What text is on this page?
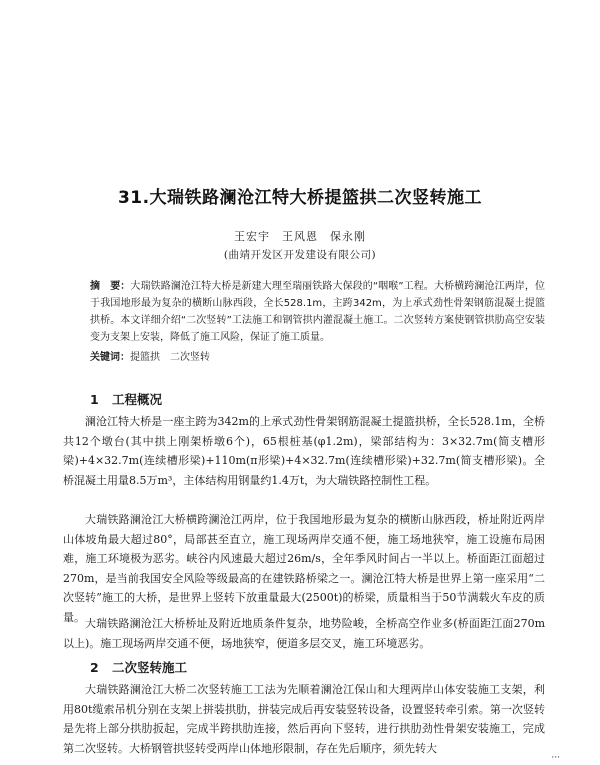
31.大瑞铁路澜沧江特大桥提篮拱二次竖转施工
王宏宇　王风恩　保永刚
(曲靖开发区开发建设有限公司)
摘　要：大瑞铁路澜沧江特大桥是新建大理至瑞丽铁路大保段的“咽喉”工程。大桥横跨澜沧江两岸，位于我国地形最为复杂的横断山脉西段，全长528.1m，主跨342m，为上承式劲性骨架钢筋混凝土提篮拱桥。本文详细介绍“二次竖转”工法施工和钢管拱内灌混凝土施工。二次竖转方案使钢管拱肋高空安装变为支架上安装，降低了施工风险，保证了施工质量。
关键词：提篮拱　二次竖转
1 工程概况
澜沧江特大桥是一座主跨为342m的上承式劲性骨架钢筋混凝土提篮拱桥，全长528.1m，全桥共12个墩台(其中拱上刚架桥墩6个)，65根桩基(φ1.2m)，梁部结构为：3×32.7m(简支槽形梁)+4×32.7m(连续槽形梁)+110m(π形梁)+4×32.7m(连续槽形梁)+32.7m(简支槽形梁)。全桥混凝土用量8.5万m³，主体结构用钢量约1.4万t，为大瑞铁路控制性工程。
大瑞铁路澜沧江大桥横跨澜沧江两岸，位于我国地形最为复杂的横断山脉西段，桥址附近两岸山体坡角最大超过80°，局部甚至直立，施工现场两岸交通不便，施工场地狭窄，施工设施布局困难，施工环境极为恶劣。峡谷内风速最大超过26m/s，全年季风时间占一半以上。桥面距江面超过270m，是当前我国安全风险等级最高的在建铁路桥梁之一。澜沧江特大桥是世界上第一座采用“二次竖转”施工的大桥，是世界上竖转下放重量最大(2500t)的桥梁，质量相当于50节满载火车皮的质量。 大瑞铁路澜沧江大桥桥址及附近地质条件复杂，地势险峻，全桥高空作业多(桥面距江面270m以上)。施工现场两岸交通不便，场地狭窄，便道多层交叉，施工环境恶劣。
2 二次竖转施工
大瑞铁路澜沧江大桥二次竖转施工工法为先顺着澜沧江保山和大理两岸山体安装施工支架，利用80t缆索吊机分别在支架上拼装拱肋，拼装完成后再安装竖转设备，设置竖转牵引索。第一次竖转是先将上部分拱肋扳起，完成半跨拱肋连接，然后再向下竖转，进行拱肋劲性骨架安装施工，完成第二次竖转。大桥钢管拱竖转受两岸山体地形限制，存在先后顺序，须先转大
···
